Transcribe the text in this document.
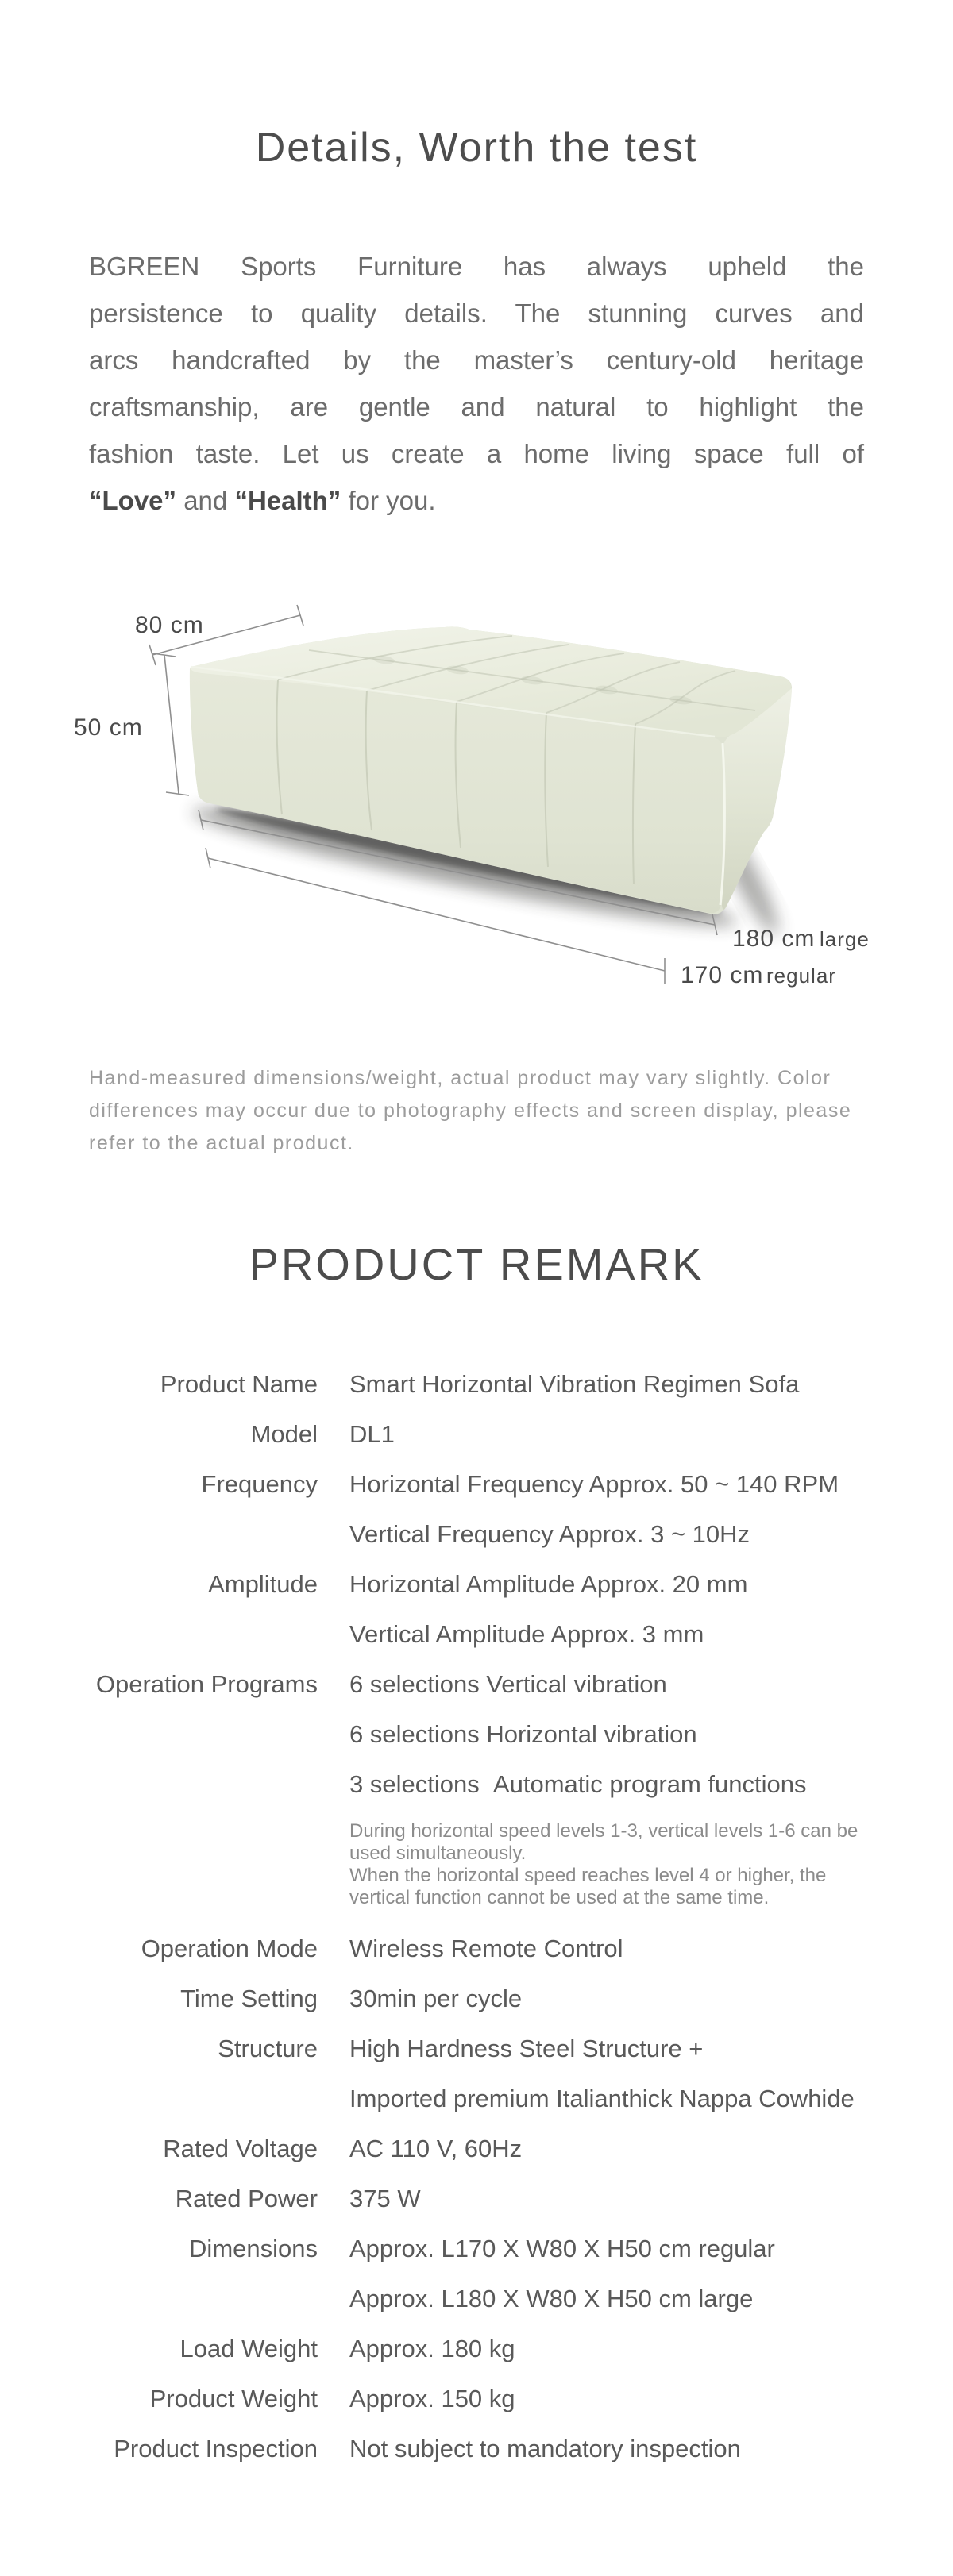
Details, Worth the test
BGREEN Sports Furniture has always upheld the
persistence to quality details. The stunning curves and
arcs handcrafted by the master’s century-old heritage
craftsmanship, are gentle and natural to highlight the
fashion taste. Let us create a home living space full of
“Love” and “Health” for you.
80 cm
50 cm
180 cm large
170 cm regular
Hand-measured dimensions/weight, actual product may vary slightly. Color differences may occur due to photography effects and screen display, please refer to the actual product.
PRODUCT REMARK
Product Name Smart Horizontal Vibration Regimen Sofa
Model DL1
Frequency Horizontal Frequency Approx. 50 ~ 140 RPM
Vertical Frequency Approx. 3 ~ 10Hz
Amplitude Horizontal Amplitude Approx. 20 mm
Vertical Amplitude Approx. 3 mm
Operation Programs 6 selections Vertical vibration
6 selections Horizontal vibration
3 selections  Automatic program functions
During horizontal speed levels 1-3, vertical levels 1-6 can be used simultaneously.
When the horizontal speed reaches level 4 or higher, the vertical function cannot be used at the same time.
Operation Mode Wireless Remote Control
Time Setting 30min per cycle
Structure High Hardness Steel Structure +
Imported premium Italianthick Nappa Cowhide
Rated Voltage AC 110 V, 60Hz
Rated Power 375 W
Dimensions Approx. L170 X W80 X H50 cm regular
Approx. L180 X W80 X H50 cm large
Load Weight Approx. 180 kg
Product Weight Approx. 150 kg
Product Inspection Not subject to mandatory inspection
